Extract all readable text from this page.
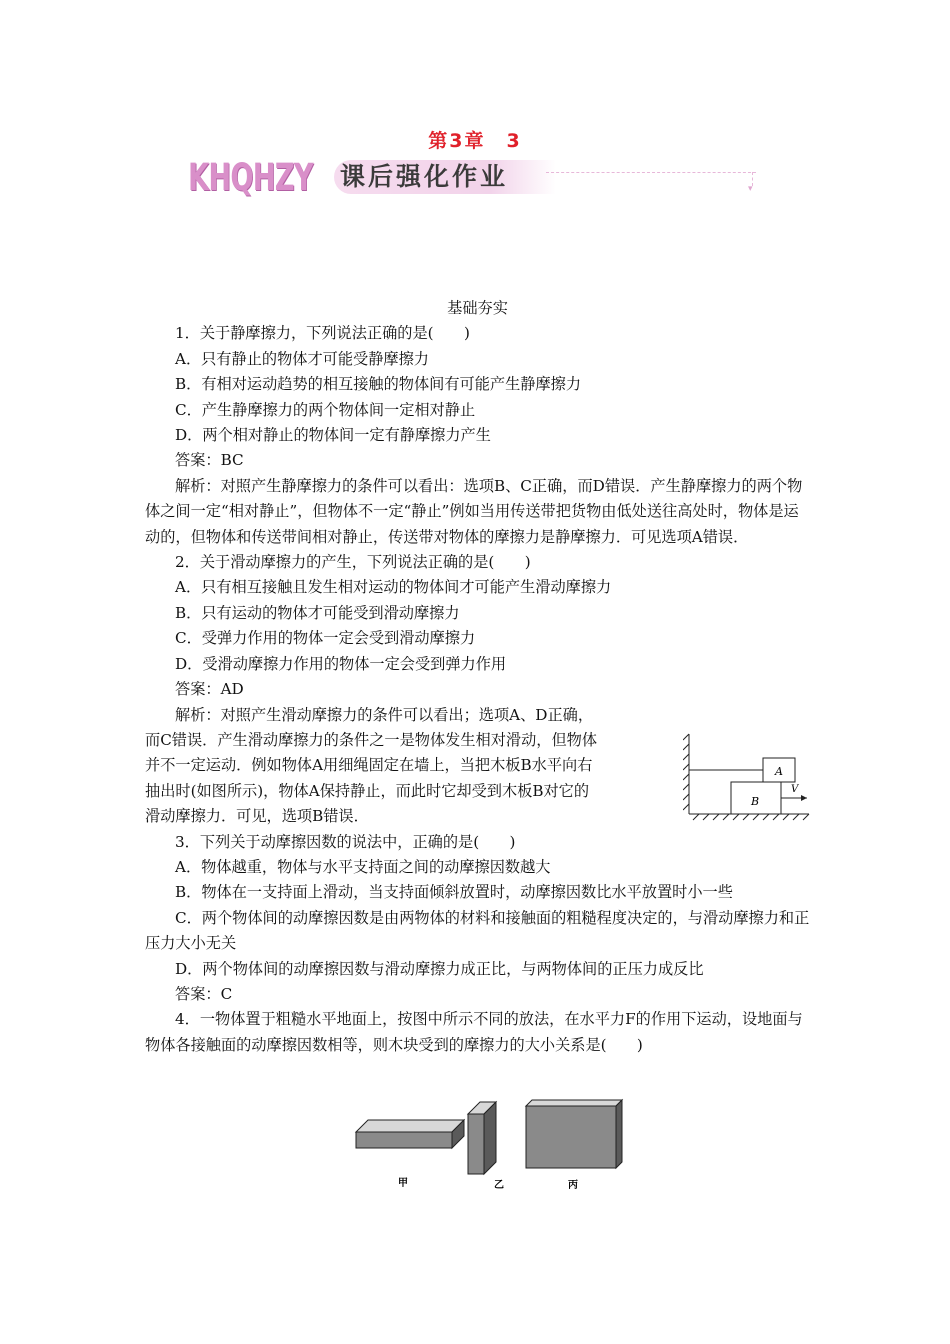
第3章　3
KHQHZY 课后强化作业	▾

基础夯实

1．关于静摩擦力，下列说法正确的是(　　)

A．只有静止的物体才可能受静摩擦力

B．有相对运动趋势的相互接触的物体间有可能产生静摩擦力

C．产生静摩擦力的两个物体间一定相对静止

D．两个相对静止的物体间一定有静摩擦力产生

答案：BC

解析：对照产生静摩擦力的条件可以看出：选项B、C正确，而D错误．产生静摩擦力的两个物体之间一定“相对静止”，但物体不一定“静止”例如当用传送带把货物由低处送往高处时，物体是运动的，但物体和传送带间相对静止，传送带对物体的摩擦力是静摩擦力．可见选项A错误．

2．关于滑动摩擦力的产生，下列说法正确的是(　　)

A．只有相互接触且发生相对运动的物体间才可能产生滑动摩擦力

B．只有运动的物体才可能受到滑动摩擦力

C．受弹力作用的物体一定会受到滑动摩擦力

D．受滑动摩擦力作用的物体一定会受到弹力作用

答案：AD

解析：对照产生滑动摩擦力的条件可以看出；选项A、D正确，

而C错误．产生滑动摩擦力的条件之一是物体发生相对滑动，但物体

并不一定运动．例如物体A用细绳固定在墙上，当把木板B水平向右

抽出时(如图所示)，物体A保持静止，而此时它却受到木板B对它的

滑动摩擦力．可见，选项B错误．

3．下列关于动摩擦因数的说法中，正确的是(　　)

A．物体越重，物体与水平支持面之间的动摩擦因数越大

B．物体在一支持面上滑动，当支持面倾斜放置时，动摩擦因数比水平放置时小一些

C．两个物体间的动摩擦因数是由两物体的材料和接触面的粗糙程度决定的，与滑动摩擦力和正压力大小无关

D．两个物体间的动摩擦因数与滑动摩擦力成正比，与两物体间的正压力成反比

答案：C

4．一物体置于粗糙水平地面上，按图中所示不同的放法，在水平力F的作用下运动，设地面与物体各接触面的动摩擦因数相等，则木块受到的摩擦力的大小关系是(　　)

A
B
V
甲	乙	丙
